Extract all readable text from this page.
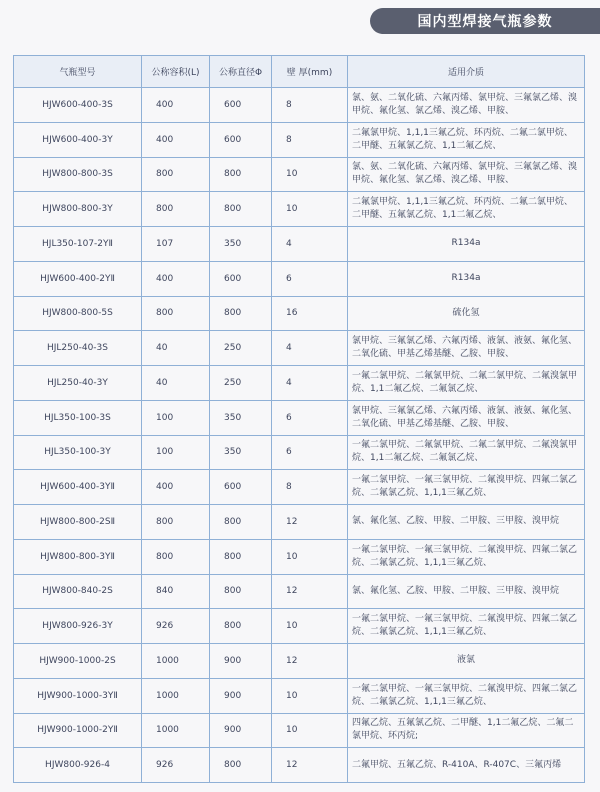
国内型焊接气瓶参数
气瓶型号	公称容积(L)	公称直径Φ	壁 厚(mm)	适用介质
HJW600-400-3S	400	600	8	氯、氨、二氧化硫、六氟丙烯、氯甲烷、三氟氯乙烯、溴甲烷、氟化氢、氯乙烯、溴乙烯、甲胺、
HJW600-400-3Y	400	600	8	二氟氯甲烷、1,1,1三氟乙烷、环丙烷、二氟二氯甲烷、二甲醚、五氟氯乙烷、1,1二氟乙烷、
HJW800-800-3S	800	800	10	氯、氨、二氧化硫、六氟丙烯、氯甲烷、三氟氯乙烯、溴甲烷、氟化氢、氯乙烯、溴乙烯、甲胺、
HJW800-800-3Y	800	800	10	二氟氯甲烷、1,1,1三氟乙烷、环丙烷、二氟二氯甲烷、二甲醚、五氟氯乙烷、1,1二氟乙烷、
HJL350-107-2YⅡ	107	350	4	R134a
HJW600-400-2YⅡ	400	600	6	R134a
HJW800-800-5S	800	800	16	硫化氢
HJL250-40-3S	40	250	4	氯甲烷、三氟氯乙烯、六氟丙烯、液氯、液氨、氟化氢、二氧化硫、甲基乙烯基醚、乙胺、甲胺、
HJL250-40-3Y	40	250	4	一氟二氯甲烷、二氟氯甲烷、二氟二氯甲烷、二氟溴氯甲烷、1,1二氟乙烷、二氟氯乙烷、
HJL350-100-3S	100	350	6	氯甲烷、三氟氯乙烯、六氟丙烯、液氯、液氨、氟化氢、二氧化硫、甲基乙烯基醚、乙胺、甲胺、
HJL350-100-3Y	100	350	6	一氟二氯甲烷、二氟氯甲烷、二氟二氯甲烷、二氟溴氯甲烷、1,1二氟乙烷、二氟氯乙烷、
HJW600-400-3YⅡ	400	600	8	一氟二氯甲烷、一氟三氯甲烷、二氟溴甲烷、四氟二氯乙烷、二氟氯乙烷、1,1,1三氟乙烷、
HJW800-800-2SⅡ	800	800	12	氯、氟化氢、乙胺、甲胺、二甲胺、三甲胺、溴甲烷
HJW800-800-3YⅡ	800	800	10	一氟二氯甲烷、一氟三氯甲烷、二氟溴甲烷、四氟二氯乙烷、二氟氯乙烷、1,1,1三氟乙烷、
HJW800-840-2S	840	800	12	氯、氟化氢、乙胺、甲胺、二甲胺、三甲胺、溴甲烷
HJW800-926-3Y	926	800	10	一氟二氯甲烷、一氟三氯甲烷、二氟溴甲烷、四氟二氯乙烷、二氟氯乙烷、1,1,1三氟乙烷、
HJW900-1000-2S	1000	900	12	液氯
HJW900-1000-3YⅡ	1000	900	10	一氟二氯甲烷、一氟三氯甲烷、二氟溴甲烷、四氟二氯乙烷、二氟氯乙烷、1,1,1三氟乙烷、
HJW900-1000-2YⅡ	1000	900	10	四氟乙烷、五氟氯乙烷、二甲醚、1,1二氟乙烷、二氟二氯甲烷、环丙烷;
HJW800-926-4	926	800	12	二氟甲烷、五氟乙烷、R-410A、R-407C、三氟丙烯
